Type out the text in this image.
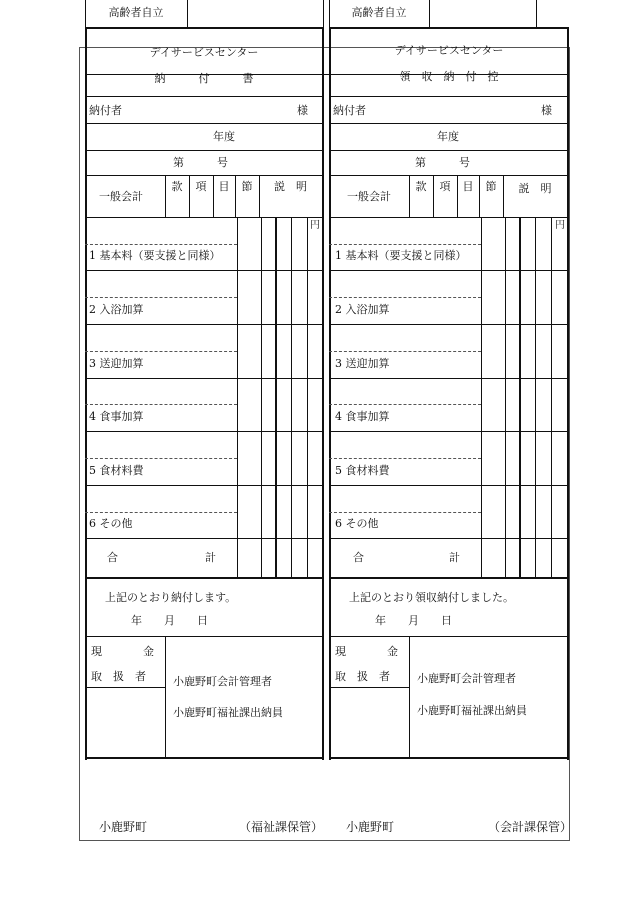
高齢者自立
デイサービスセンター
納　　　付　　　書
納付者	様
年度
第　　　号
一般会計
款	項	目	節	説　明
円
1 基本料（要支援と同様）
2 入浴加算
3 送迎加算
4 食事加算
5 食材料費
6 その他
合	計
上記のとおり納付します。
年　　月　　日
現　　　金
取　扱　者 小鹿野町会計管理者
小鹿野町福祉課出納員
高齢者自立
デイサービスセンター
領　収　納　付　控
納付者	様
年度
第　　　号
一般会計
款	項	目	節	説　明
円
1 基本料（要支援と同様）
2 入浴加算
3 送迎加算
4 食事加算
5 食材料費
6 その他
合	計
上記のとおり領収納付しました。
年　　月　　日
現　　　金
取　扱　者 小鹿野町会計管理者
小鹿野町福祉課出納員
小鹿野町	（福祉課保管） 小鹿野町	（会計課保管）
